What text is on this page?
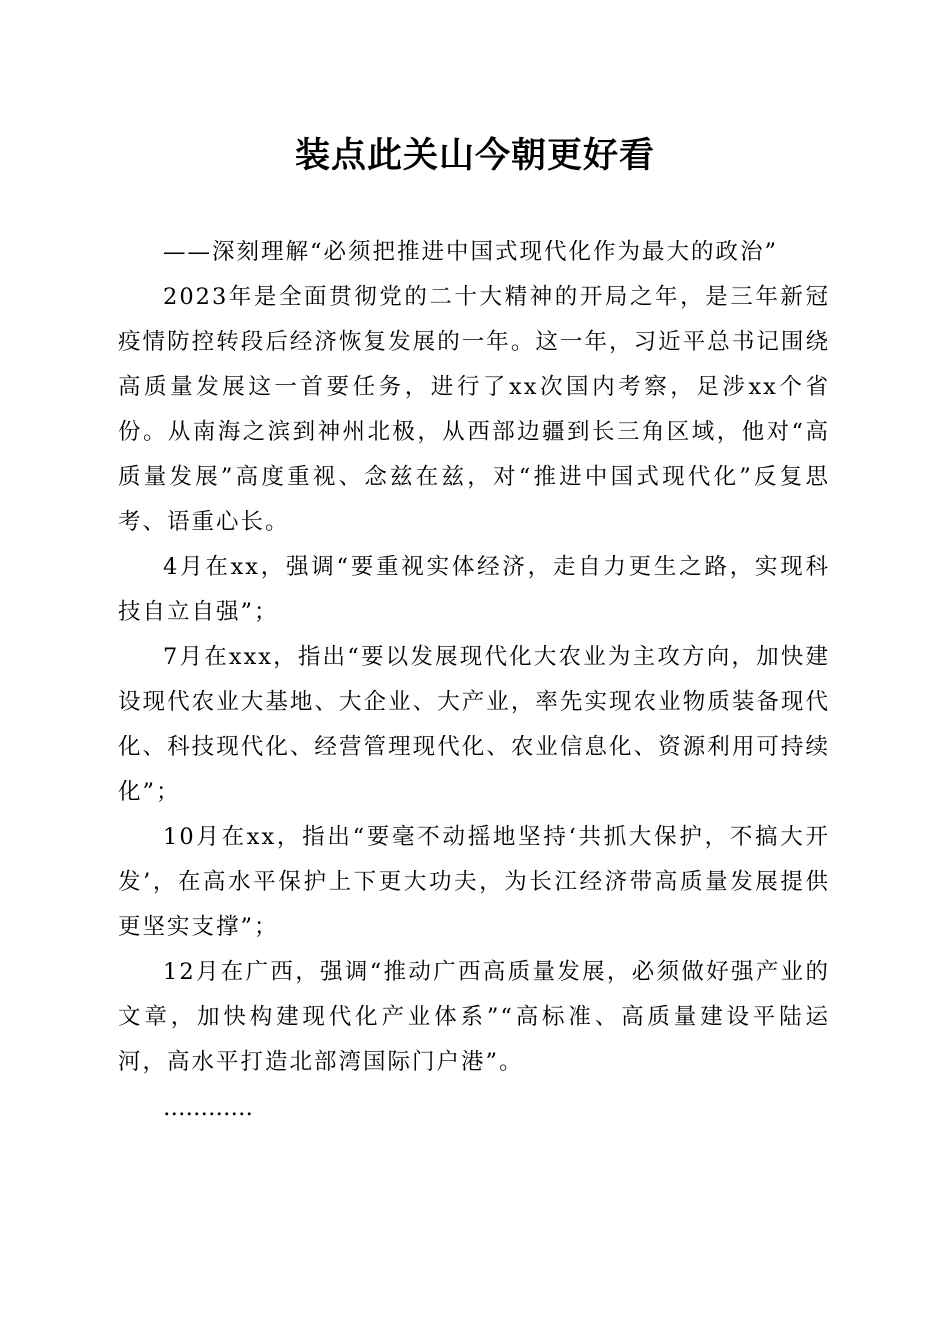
装点此关山今朝更好看

——深刻理解“必须把推进中国式现代化作为最大的政治”

2023年是全面贯彻党的二十大精神的开局之年，是三年新冠疫情防控转段后经济恢复发展的一年。这一年，习近平总书记围绕高质量发展这一首要任务，进行了xx次国内考察，足涉xx个省份。从南海之滨到神州北极，从西部边疆到长三角区域，他对“高质量发展”高度重视、念兹在兹，对“推进中国式现代化”反复思考、语重心长。

4月在xx，强调“要重视实体经济，走自力更生之路，实现科技自立自强”；

7月在xxx，指出“要以发展现代化大农业为主攻方向，加快建设现代农业大基地、大企业、大产业，率先实现农业物质装备现代化、科技现代化、经营管理现代化、农业信息化、资源利用可持续化”；

10月在xx，指出“要毫不动摇地坚持‘共抓大保护，不搞大开发’，在高水平保护上下更大功夫，为长江经济带高质量发展提供更坚实支撑”；

12月在广西，强调“推动广西高质量发展，必须做好强产业的文章，加快构建现代化产业体系”“高标准、高质量建设平陆运河，高水平打造北部湾国际门户港”。

…………
